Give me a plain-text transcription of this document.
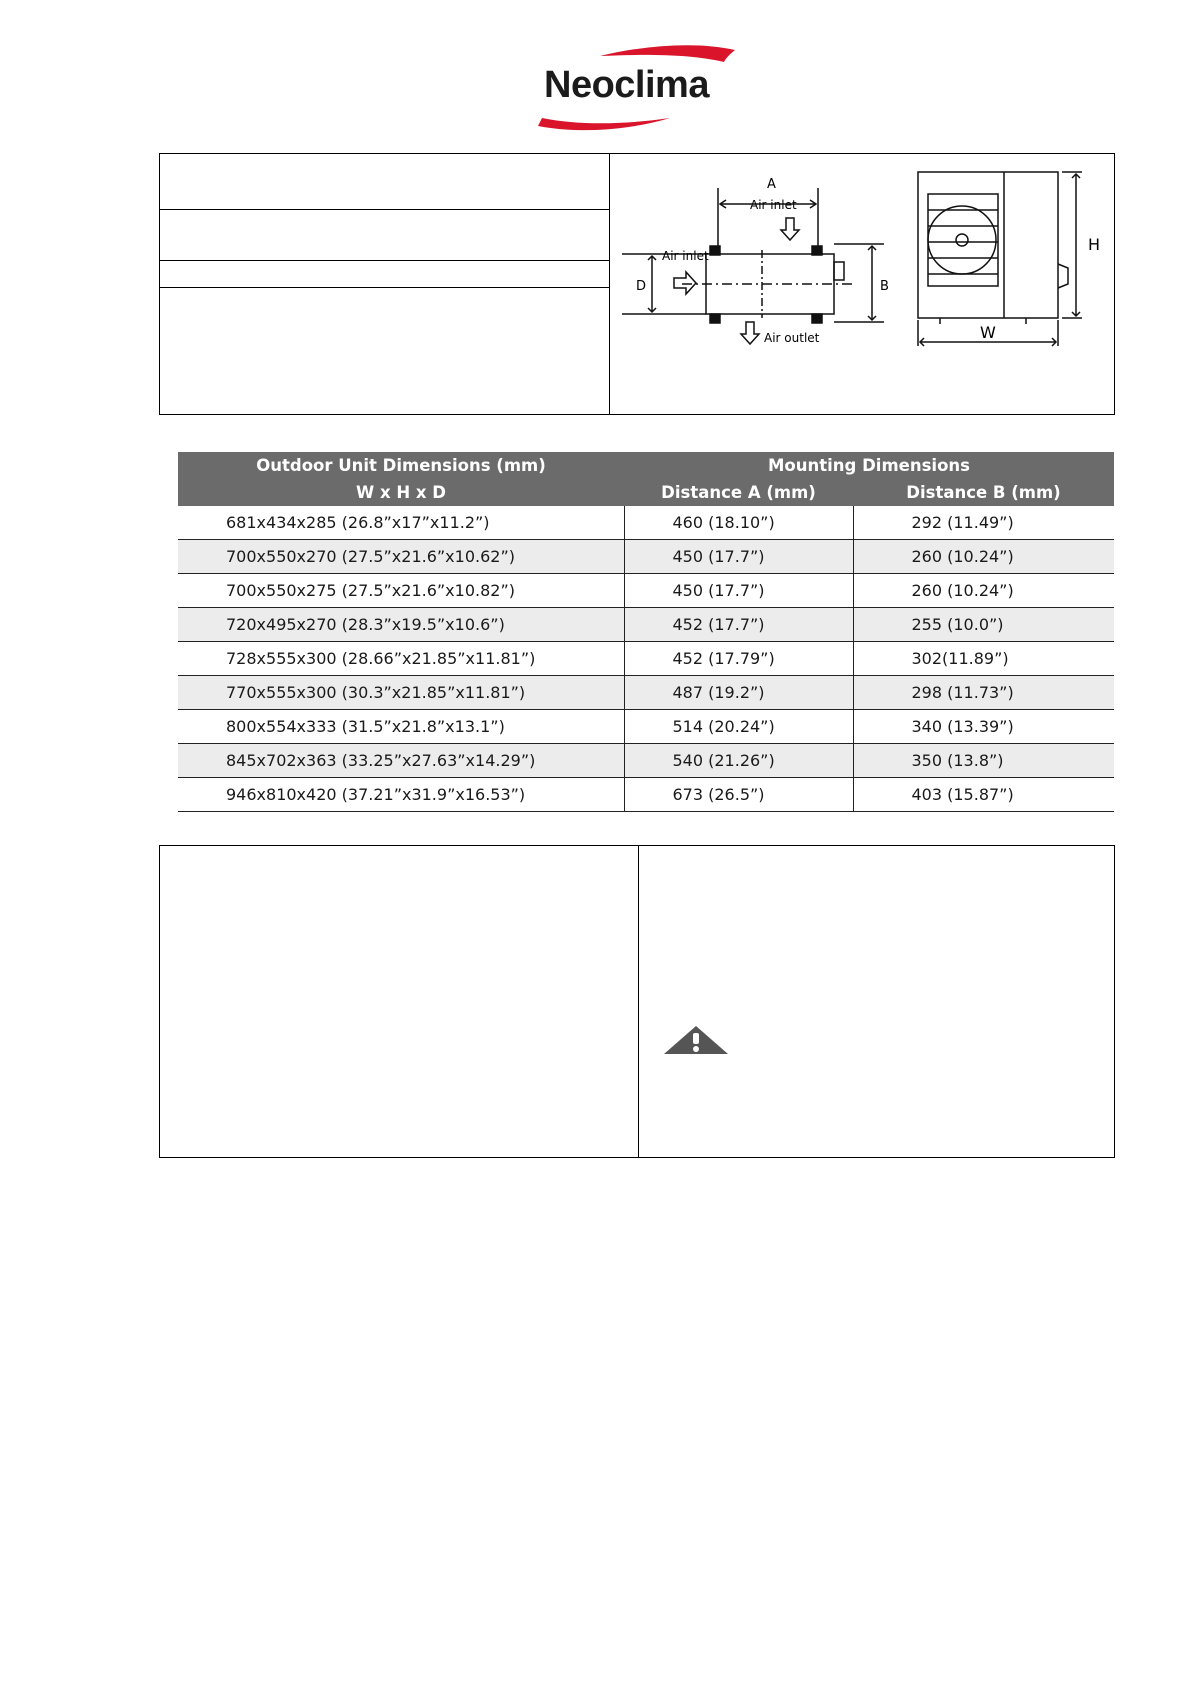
Neoclima
A
Air inlet
Air inlet
Air outlet
D	B
W
H
Outdoor Unit Dimensions (mm)	Mounting Dimensions	
W x H x D	Distance A (mm)	Distance B (mm)
681x434x285 (26.8”x17”x11.2”)	460 (18.10”)	292 (11.49”)
700x550x270 (27.5”x21.6”x10.62”)	450 (17.7”)	260 (10.24”)
700x550x275 (27.5”x21.6”x10.82”)	450 (17.7”)	260 (10.24”)
720x495x270 (28.3”x19.5”x10.6”)	452 (17.7”)	255 (10.0”)
728x555x300 (28.66”x21.85”x11.81”)	452 (17.79”)	302(11.89”)
770x555x300 (30.3”x21.85”x11.81”)	487 (19.2”)	298 (11.73”)
800x554x333 (31.5”x21.8”x13.1”)	514 (20.24”)	340 (13.39”)
845x702x363 (33.25”x27.63”x14.29”)	540 (21.26”)	350 (13.8”)
946x810x420 (37.21”x31.9”x16.53”)	673 (26.5”)	403 (15.87”)
